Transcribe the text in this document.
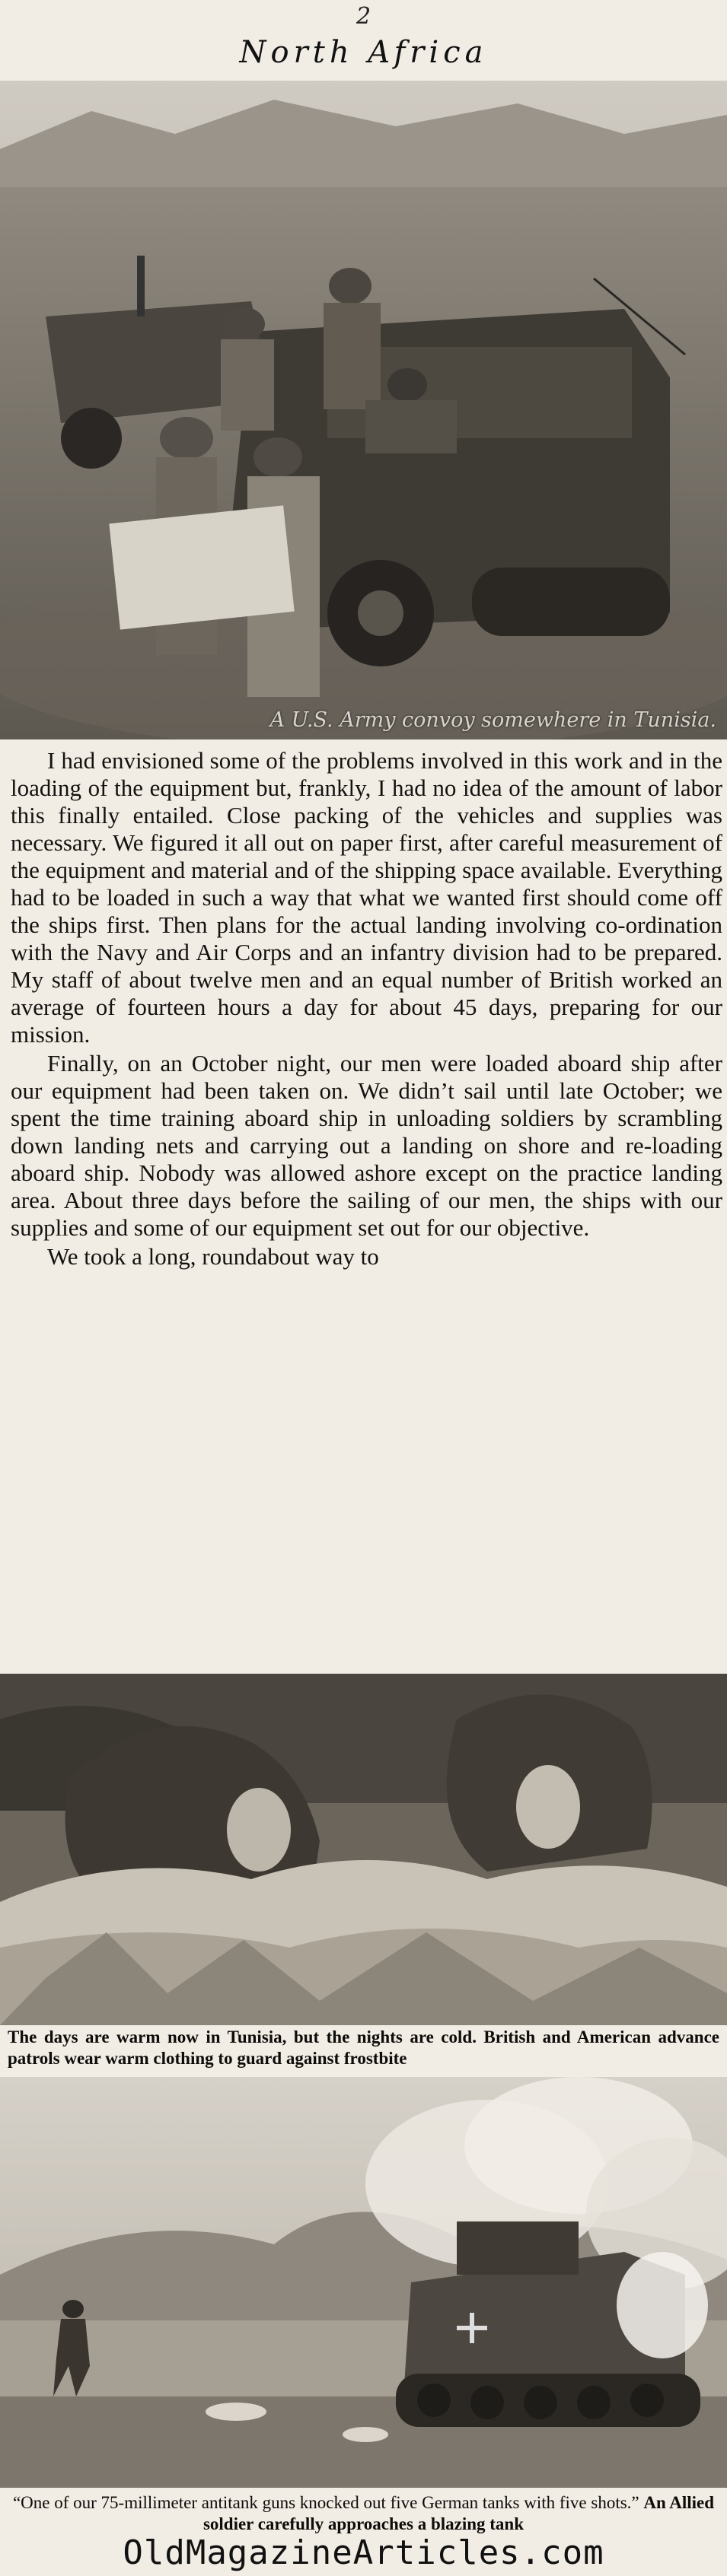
2
North Africa
A U.S. Army convoy somewhere in Tunisia.

I had envisioned some of the problems involved in this work and in the loading of the equipment but, frankly, I had no idea of the amount of labor this finally entailed. Close packing of the vehicles and supplies was necessary. We figured it all out on paper first, after careful measurement of the equipment and material and of the shipping space available. Everything had to be loaded in such a way that what we wanted first should come off the ships first. Then plans for the actual landing involving co-ordination with the Navy and Air Corps and an infantry division had to be prepared. My staff of about twelve men and an equal number of British worked an average of fourteen hours a day for about 45 days, preparing for our mission.

Finally, on an October night, our men were loaded aboard ship after our equipment had been taken on. We didn’t sail until late October; we spent the time training aboard ship in unloading soldiers by scrambling down landing nets and carrying out a landing on shore and re-loading aboard ship. Nobody was allowed ashore except on the practice landing area. About three days before the sailing of our men, the ships with our supplies and some of our equipment set out for our objective.

We took a long, roundabout way to

The days are warm now in Tunisia, but the nights are cold. British and American advance patrols wear warm clothing to guard against frostbite
“One of our 75-millimeter antitank guns knocked out five German tanks with five shots.” An Allied soldier carefully approaches a blazing tank
OldMagazineArticles.com
